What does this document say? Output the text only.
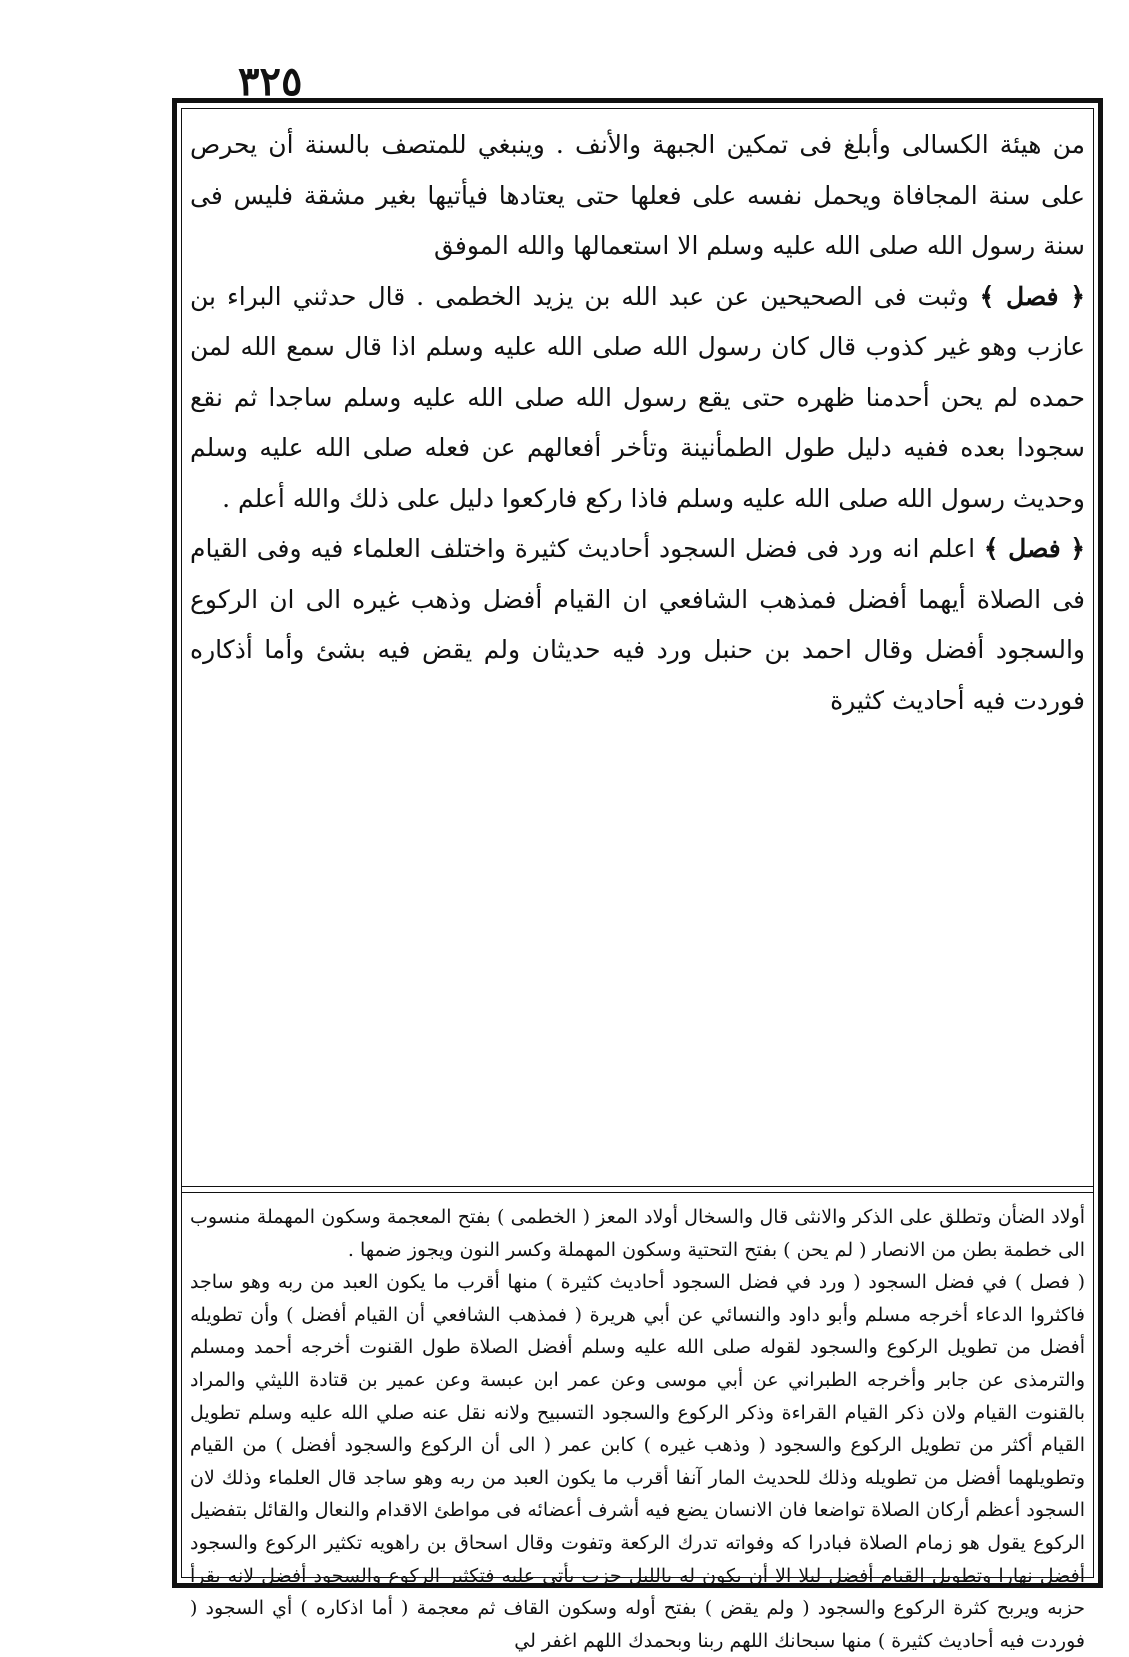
٣٢٥

من هيئة الكسالى وأبلغ فى تمكين الجبهة والأنف . وينبغي للمتصف بالسنة أن يحرص على سنة المجافاة ويحمل نفسه على فعلها حتى يعتادها فيأتيها بغير مشقة فليس فى سنة رسول الله صلى الله عليه وسلم الا استعمالها والله الموفق

﴿ فصل ﴾ وثبت فى الصحيحين عن عبد الله بن يزيد الخطمى . قال حدثني البراء بن عازب وهو غير كذوب قال كان رسول الله صلى الله عليه وسلم اذا قال سمع الله لمن حمده لم يحن أحدمنا ظهره حتى يقع رسول الله صلى الله عليه وسلم ساجدا ثم نقع سجودا بعده ففيه دليل طول الطمأنينة وتأخر أفعالهم عن فعله صلى الله عليه وسلم وحديث رسول الله صلى الله عليه وسلم فاذا ركع فاركعوا دليل على ذلك والله أعلم .

﴿ فصل ﴾ اعلم انه ورد فى فضل السجود أحاديث كثيرة واختلف العلماء فيه وفى القيام فى الصلاة أيهما أفضل فمذهب الشافعي ان القيام أفضل وذهب غيره الى ان الركوع والسجود أفضل وقال احمد بن حنبل ورد فيه حديثان ولم يقض فيه بشئ وأما أذكاره فوردت فيه أحاديث كثيرة

أولاد الضأن وتطلق على الذكر والانثى قال والسخال أولاد المعز ( الخطمى ) بفتح المعجمة وسكون المهملة منسوب الى خطمة بطن من الانصار ( لم يحن ) بفتح التحتية وسكون المهملة وكسر النون ويجوز ضمها .

( فصل ) في فضل السجود ( ورد في فضل السجود أحاديث كثيرة ) منها أقرب ما يكون العبد من ربه وهو ساجد فاكثروا الدعاء أخرجه مسلم وأبو داود والنسائي عن أبي هريرة ( فمذهب الشافعي أن القيام أفضل ) وأن تطويله أفضل من تطويل الركوع والسجود لقوله صلى الله عليه وسلم أفضل الصلاة طول القنوت أخرجه أحمد ومسلم والترمذى عن جابر وأخرجه الطبراني عن أبي موسى وعن عمر ابن عبسة وعن عمير بن قتادة الليثي والمراد بالقنوت القيام ولان ذكر القيام القراءة وذكر الركوع والسجود التسبيح ولانه نقل عنه صلي الله عليه وسلم تطويل القيام أكثر من تطويل الركوع والسجود ( وذهب غيره ) كابن عمر ( الى أن الركوع والسجود أفضل ) من القيام وتطويلهما أفضل من تطويله وذلك للحديث المار آنفا أقرب ما يكون العبد من ربه وهو ساجد قال العلماء وذلك لان السجود أعظم أركان الصلاة تواضعا فان الانسان يضع فيه أشرف أعضائه فى مواطئ الاقدام والنعال والقائل بتفضيل الركوع يقول هو زمام الصلاة فبادرا كه وفواته تدرك الركعة وتفوت وقال اسحاق بن راهويه تكثير الركوع والسجود أفضل نهارا وتطويل القيام أفضل ليلا الا أن يكون له بالليل حزب يأتى عليه فتكثير الركوع والسجود أفضل لانه يقرأ حزبه ويربح كثرة الركوع والسجود ( ولم يقض ) بفتح أوله وسكون القاف ثم معجمة ( أما اذكاره ) أي السجود ( فوردت فيه أحاديث كثيرة ) منها سبحانك اللهم ربنا وبحمدك اللهم اغفر لي
